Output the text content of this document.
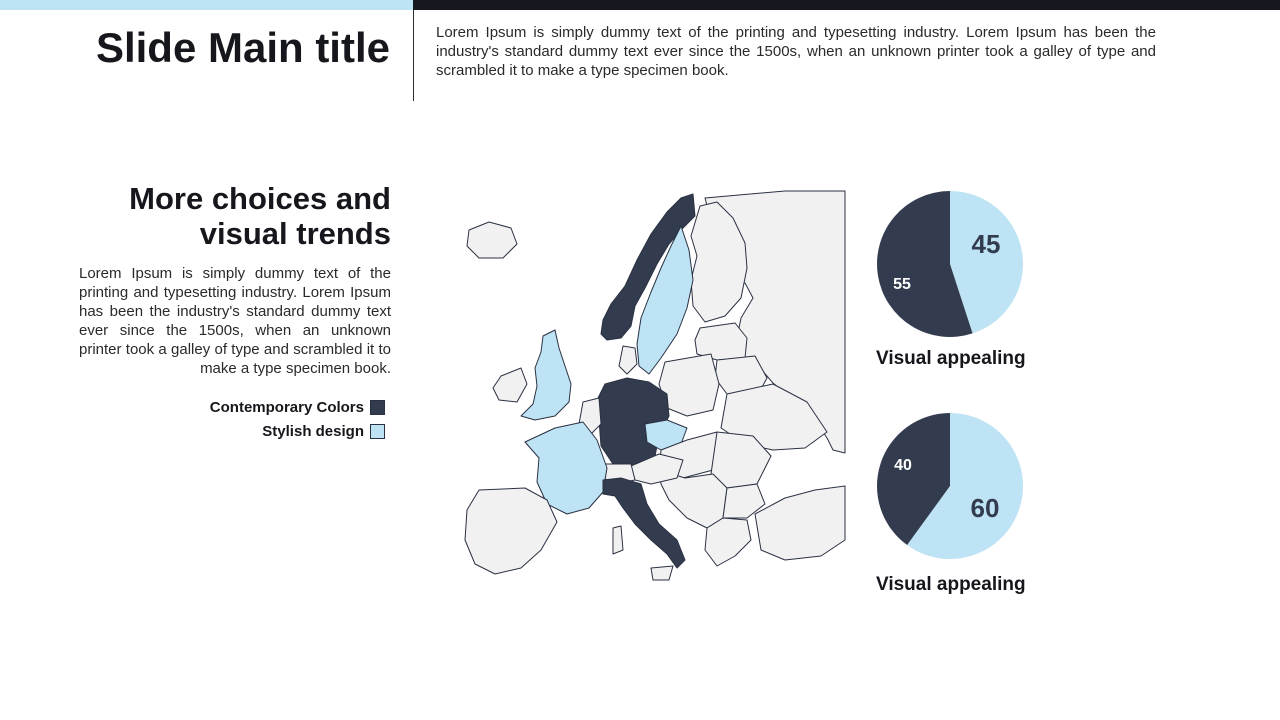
Slide Main title	Lorem Ipsum is simply dummy text of the printing and typesetting industry. Lorem Ipsum has been the industry's standard dummy text ever since the 1500s, when an unknown printer took a galley of type and scrambled it to make a type specimen book.

More choices and visual trends

Lorem Ipsum is simply dummy text of the printing and typesetting industry. Lorem Ipsum has been the industry's standard dummy text ever since the 1500s, when an unknown printer took a galley of type and scrambled it to make a type specimen book.

Contemporary Colors
Stylish design
45
55
Visual appealing
60
40
Visual appealing
